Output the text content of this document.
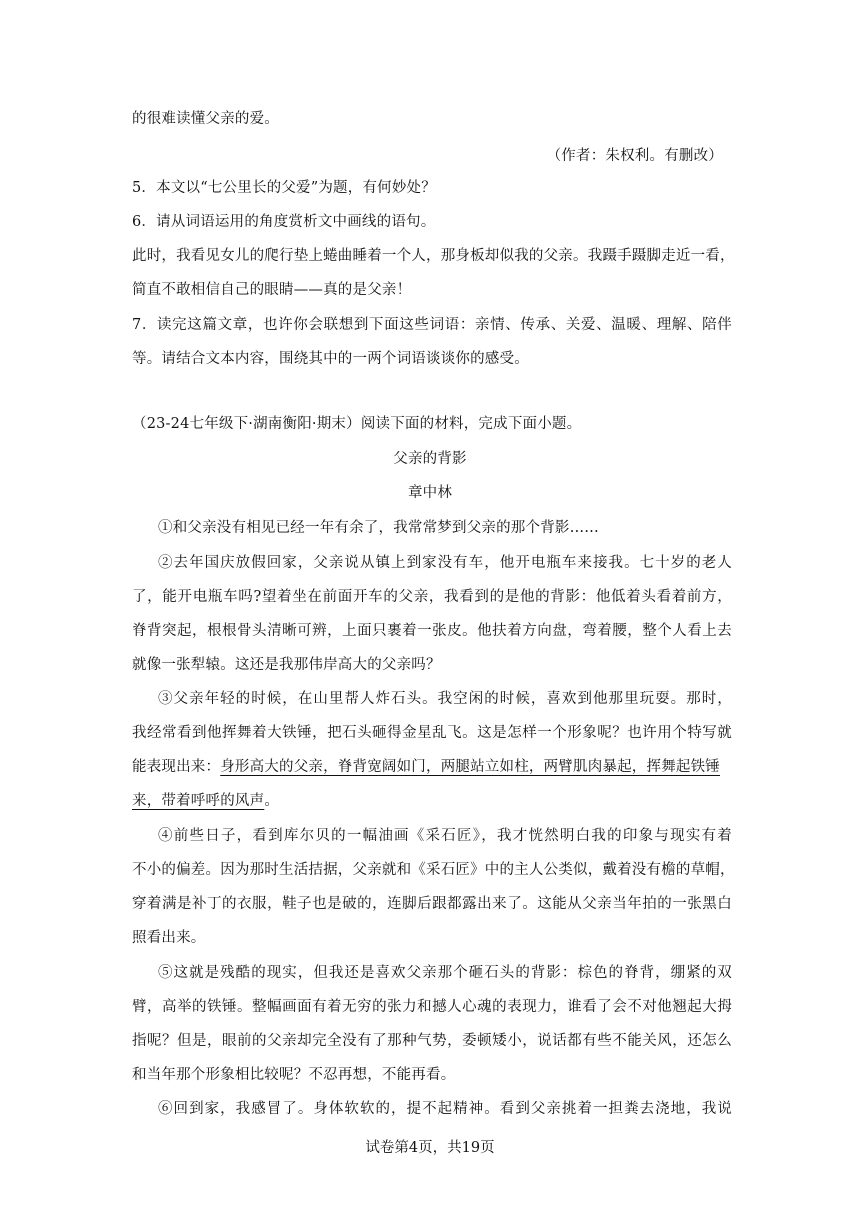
的很难读懂父亲的爱。
（作者：朱权利。有删改）
5．本文以“七公里长的父爱”为题，有何妙处？
6．请从词语运用的角度赏析文中画线的语句。
此时，我看见女儿的爬行垫上蜷曲睡着一个人，那身板却似我的父亲。我蹑手蹑脚走近一看，
简直不敢相信自己的眼睛——真的是父亲！
7．读完这篇文章，也许你会联想到下面这些词语：亲情、传承、关爱、温暖、理解、陪伴
等。请结合文本内容，围绕其中的一两个词语谈谈你的感受。
（23-24七年级下·湖南衡阳·期末）阅读下面的材料，完成下面小题。
父亲的背影
章中林
①和父亲没有相见已经一年有余了，我常常梦到父亲的那个背影……
②去年国庆放假回家，父亲说从镇上到家没有车，他开电瓶车来接我。七十岁的老人
了，能开电瓶车吗?望着坐在前面开车的父亲，我看到的是他的背影：他低着头看着前方，
脊背突起，根根骨头清晰可辨，上面只裹着一张皮。他扶着方向盘，弯着腰，整个人看上去
就像一张犁辕。这还是我那伟岸高大的父亲吗？
③父亲年轻的时候，在山里帮人炸石头。我空闲的时候，喜欢到他那里玩耍。那时，
我经常看到他挥舞着大铁锤，把石头砸得金星乱飞。这是怎样一个形象呢？也许用个特写就
能表现出来：身形高大的父亲，脊背宽阔如门，两腿站立如柱，两臂肌肉暴起，挥舞起铁锤
来，带着呼呼的风声。
④前些日子，看到库尔贝的一幅油画《采石匠》，我才恍然明白我的印象与现实有着
不小的偏差。因为那时生活拮据，父亲就和《采石匠》中的主人公类似，戴着没有檐的草帽，
穿着满是补丁的衣服，鞋子也是破的，连脚后跟都露出来了。这能从父亲当年拍的一张黑白
照看出来。
⑤这就是残酷的现实，但我还是喜欢父亲那个砸石头的背影：棕色的脊背，绷紧的双
臂，高举的铁锤。整幅画面有着无穷的张力和撼人心魂的表现力，谁看了会不对他翘起大拇
指呢？但是，眼前的父亲却完全没有了那种气势，委顿矮小，说话都有些不能关风，还怎么
和当年那个形象相比较呢？不忍再想，不能再看。
⑥回到家，我感冒了。身体软软的，提不起精神。看到父亲挑着一担粪去浇地，我说
试卷第4页，共19页
